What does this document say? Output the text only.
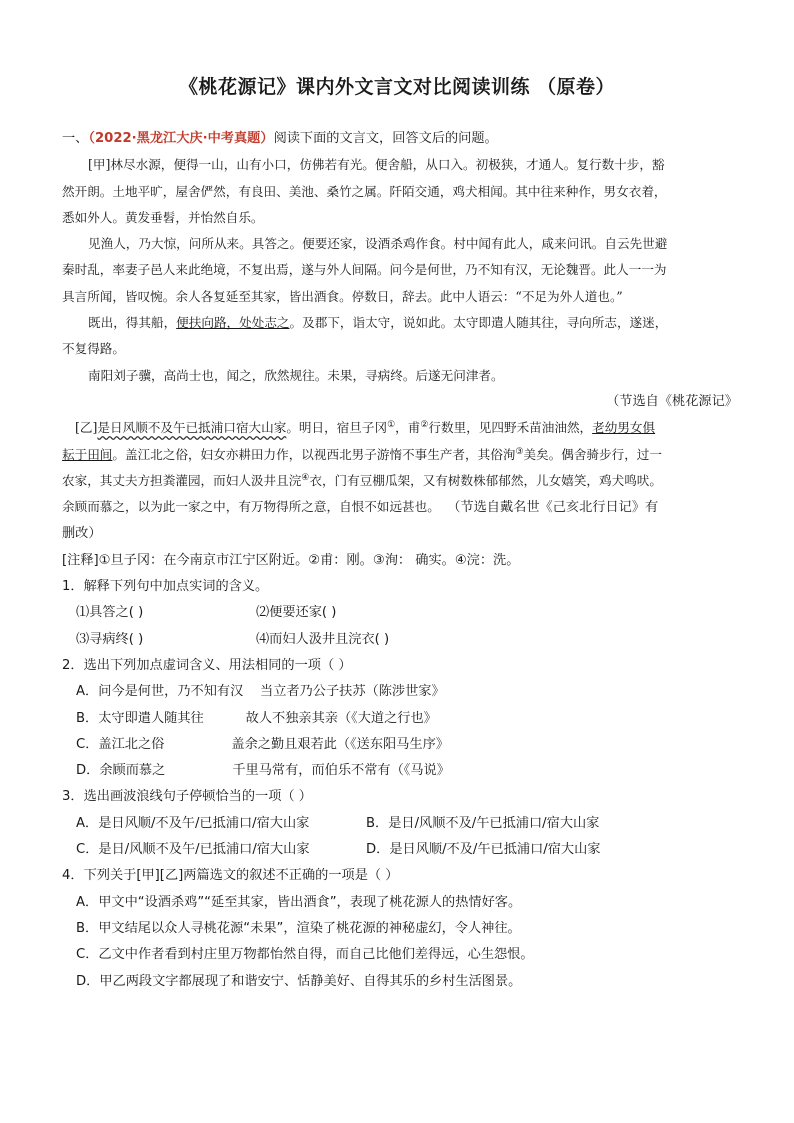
《桃花源记》课内外文言文对比阅读训练 （原卷）
一、（2022·黑龙江大庆·中考真题）阅读下面的文言文，回答文后的问题。
[甲]林尽水源，便得一山，山有小口，仿佛若有光。便舍船，从口入。初极狭，才通人。复行数十步，豁
然开朗。土地平旷，屋舍俨然，有良田、美池、桑竹之属。阡陌交通，鸡犬相闻。其中往来种作，男女衣着，
悉如外人。黄发垂髫，并怡然自乐。
见渔人，乃大惊，问所从来。具答之。便要还家，设酒杀鸡作食。村中闻有此人，咸来问讯。自云先世避
秦时乱，率妻子邑人来此绝境，不复出焉，遂与外人间隔。问今是何世，乃不知有汉，无论魏晋。此人一一为
具言所闻，皆叹惋。余人各复延至其家，皆出酒食。停数日，辞去。此中人语云：“不足为外人道也。”
既出，得其船，便扶向路，处处志之。及郡下，诣太守，说如此。太守即遣人随其往，寻向所志，遂迷，
不复得路。
南阳刘子骥，高尚士也，闻之，欣然规往。未果，寻病终。后遂无问津者。
（节选自《桃花源记》
[乙]是日风顺不及午已抵浦口宿大山家。明日，宿旦子冈①，甫②行数里，见四野禾苗油油然，老幼男女俱
耘于田间。盖江北之俗，妇女亦耕田力作，以视西北男子游惰不事生产者，其俗洵③美矣。偶舍骑步行，过一
农家，其丈夫方担粪灌园，而妇人汲井且浣④衣，门有豆棚瓜架，又有树数株郁郁然，儿女嬉笑，鸡犬鸣吠。
余顾而慕之，以为此一家之中，有万物得所之意，自恨不如远甚也。 （节选自戴名世《己亥北行日记》有
删改）
[注释]①旦子冈：在今南京市江宁区附近。②甫：刚。③洵： 确实。④浣：洗。
1．解释下列句中加点实词的含义。
⑴具答之( )	⑵便要还家( )
⑶寻病终( )	⑷而妇人汲井且浣衣( )
2．选出下列加点虚词含义、用法相同的一项（ ）
A．问今是何世，乃不知有汉    当立者乃公子扶苏（陈涉世家》
B．太守即遣人随其往          故人不独亲其亲（《大道之行也》
C．盖江北之俗                盖余之勤且艰若此（《送东阳马生序》
D．余顾而慕之                千里马常有，而伯乐不常有（《马说》
3．选出画波浪线句子停顿恰当的一项（ ）
A．是日风顺/不及午/已抵浦口/宿大山家	B．是日/风顺不及/午已抵浦口/宿大山家
C．是日/风顺不及午/已抵浦口/宿大山家	D．是日风顺/不及/午已抵浦口/宿大山家
4．下列关于[甲][乙]两篇选文的叙述不正确的一项是（ ）
A．甲文中“设酒杀鸡”“延至其家，皆出酒食”，表现了桃花源人的热情好客。
B．甲文结尾以众人寻桃花源“未果”，渲染了桃花源的神秘虚幻，令人神往。
C．乙文中作者看到村庄里万物都怡然自得，而自己比他们差得远，心生怨恨。
D．甲乙两段文字都展现了和谐安宁、恬静美好、自得其乐的乡村生活图景。
